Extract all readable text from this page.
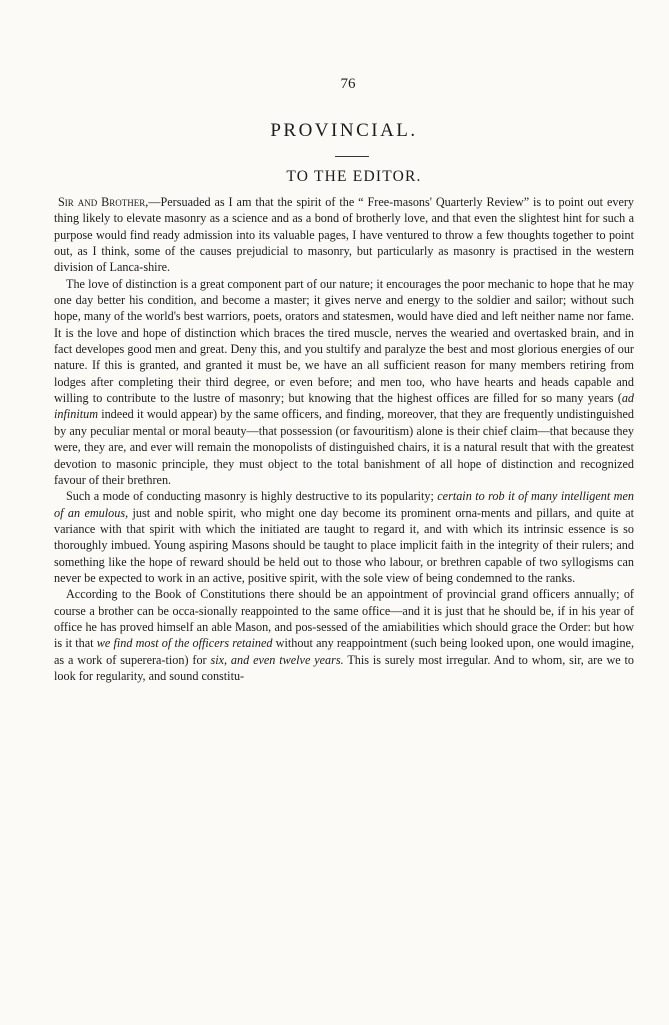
76
PROVINCIAL.
TO THE EDITOR.

Sir and Brother,—Persuaded as I am that the spirit of the “ Free-masons' Quarterly Review” is to point out every thing likely to elevate masonry as a science and as a bond of brotherly love, and that even the slightest hint for such a purpose would find ready admission into its valuable pages, I have ventured to throw a few thoughts together to point out, as I think, some of the causes prejudicial to masonry, but particularly as masonry is practised in the western division of Lanca-shire.

The love of distinction is a great component part of our nature; it encourages the poor mechanic to hope that he may one day better his condition, and become a master; it gives nerve and energy to the soldier and sailor; without such hope, many of the world's best warriors, poets, orators and statesmen, would have died and left neither name nor fame. It is the love and hope of distinction which braces the tired muscle, nerves the wearied and overtasked brain, and in fact developes good men and great. Deny this, and you stultify and paralyze the best and most glorious energies of our nature. If this is granted, and granted it must be, we have an all sufficient reason for many members retiring from lodges after completing their third degree, or even before; and men too, who have hearts and heads capable and willing to contribute to the lustre of masonry; but knowing that the highest offices are filled for so many years (ad infinitum indeed it would appear) by the same officers, and finding, moreover, that they are frequently undistinguished by any peculiar mental or moral beauty—that possession (or favouritism) alone is their chief claim—that because they were, they are, and ever will remain the monopolists of distinguished chairs, it is a natural result that with the greatest devotion to masonic principle, they must object to the total banishment of all hope of distinction and recognized favour of their brethren.

Such a mode of conducting masonry is highly destructive to its popularity; certain to rob it of many intelligent men of an emulous, just and noble spirit, who might one day become its prominent orna-ments and pillars, and quite at variance with that spirit with which the initiated are taught to regard it, and with which its intrinsic essence is so thoroughly imbued. Young aspiring Masons should be taught to place implicit faith in the integrity of their rulers; and something like the hope of reward should be held out to those who labour, or brethren capable of two syllogisms can never be expected to work in an active, positive spirit, with the sole view of being condemned to the ranks.

According to the Book of Constitutions there should be an appointment of provincial grand officers annually; of course a brother can be occa-sionally reappointed to the same office—and it is just that he should be, if in his year of office he has proved himself an able Mason, and pos-sessed of the amiabilities which should grace the Order: but how is it that we find most of the officers retained without any reappointment (such being looked upon, one would imagine, as a work of superera-tion) for six, and even twelve years. This is surely most irregular. And to whom, sir, are we to look for regularity, and sound constitu-
